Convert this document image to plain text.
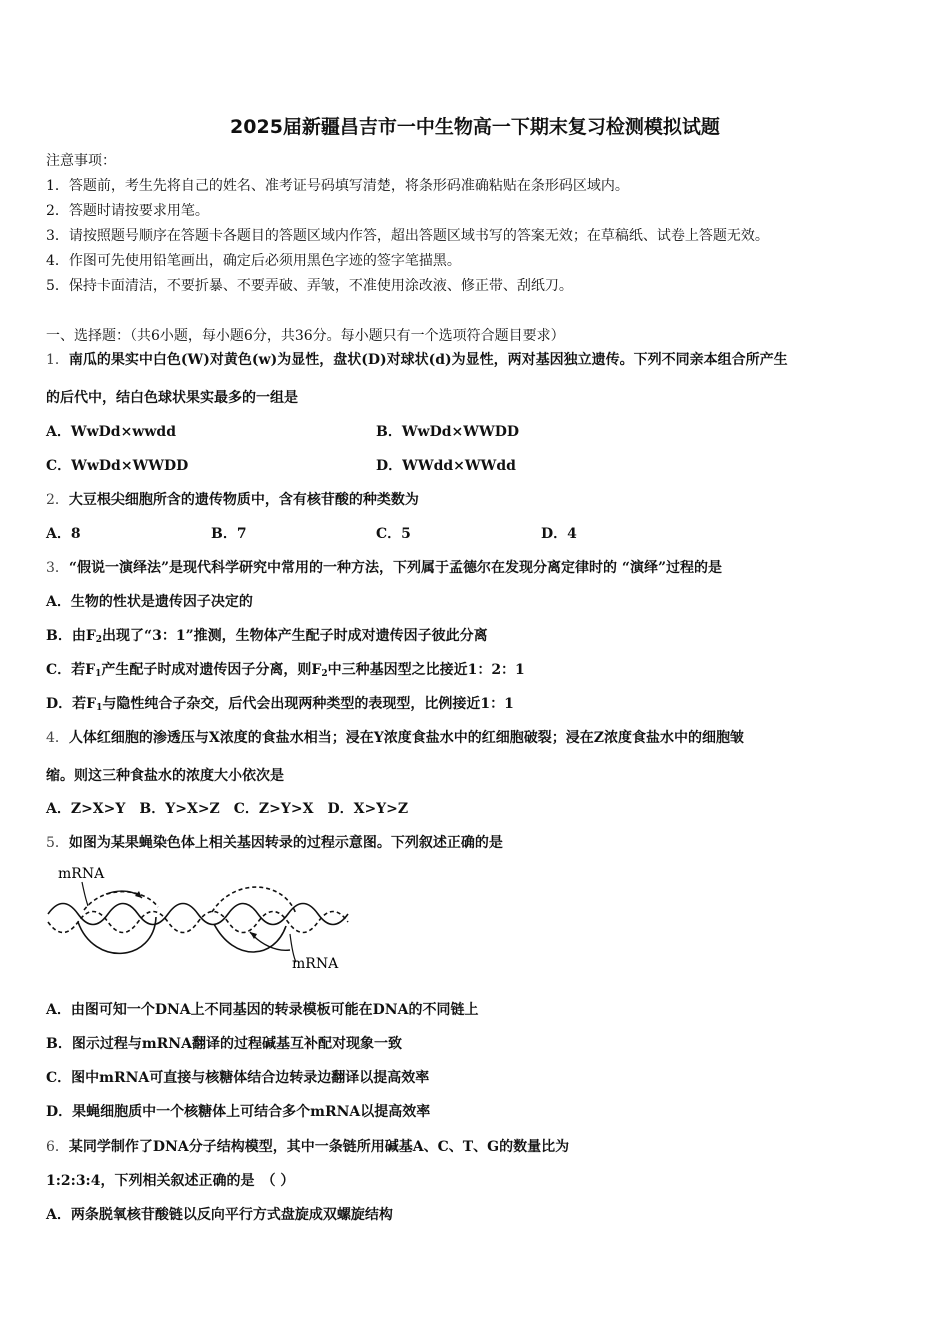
2025届新疆昌吉市一中生物高一下期末复习检测模拟试题
注意事项：
1．答题前，考生先将自己的姓名、准考证号码填写清楚，将条形码准确粘贴在条形码区域内。
2．答题时请按要求用笔。
3．请按照题号顺序在答题卡各题目的答题区域内作答，超出答题区域书写的答案无效；在草稿纸、试卷上答题无效。
4．作图可先使用铅笔画出，确定后必须用黑色字迹的签字笔描黑。
5．保持卡面清洁，不要折暴、不要弄破、弄皱，不准使用涂改液、修正带、刮纸刀。
一、选择题：（共6小题，每小题6分，共36分。每小题只有一个选项符合题目要求）
1．南瓜的果实中白色(W)对黄色(w)为显性，盘状(D)对球状(d)为显性，两对基因独立遗传。下列不同亲本组合所产生
的后代中，结白色球状果实最多的一组是
A．WwDd×wwdd	B．WwDd×WWDD
C．WwDd×WWDD	D．WWdd×WWdd
2．大豆根尖细胞所含的遗传物质中，含有核苷酸的种类数为
A．8	B．7	C．5	D．4
3．“假说一演绎法”是现代科学研究中常用的一种方法，下列属于孟德尔在发现分离定律时的 “演绎”过程的是
A．生物的性状是遗传因子决定的
B．由$F_2$出现了“3：1”推测，生物体产生配子时成对遗传因子彼此分离
C．若$F_1$产生配子时成对遗传因子分离，则$F_2$中三种基因型之比接近1：2：1
D．若$F_1$与隐性纯合子杂交，后代会出现两种类型的表现型，比例接近1：1
4．人体红细胞的渗透压与X浓度的食盐水相当；浸在Y浓度食盐水中的红细胞破裂；浸在Z浓度食盐水中的细胞皱
缩。则这三种食盐水的浓度大小依次是
A．Z>X>Y　B．Y>X>Z　C．Z>Y>X　D．X>Y>Z
5．如图为某果蝇染色体上相关基因转录的过程示意图。下列叙述正确的是
mRNA
mRNA
A．由图可知一个DNA上不同基因的转录模板可能在DNA的不同链上
B．图示过程与mRNA翻译的过程碱基互补配对现象一致
C．图中mRNA可直接与核糖体结合边转录边翻译以提高效率
D．果蝇细胞质中一个核糖体上可结合多个mRNA以提高效率
6．某同学制作了DNA分子结构模型，其中一条链所用碱基A、C、T、G的数量比为
1:2:3:4，下列相关叙述正确的是　（ ）
A．两条脱氧核苷酸链以反向平行方式盘旋成双螺旋结构
